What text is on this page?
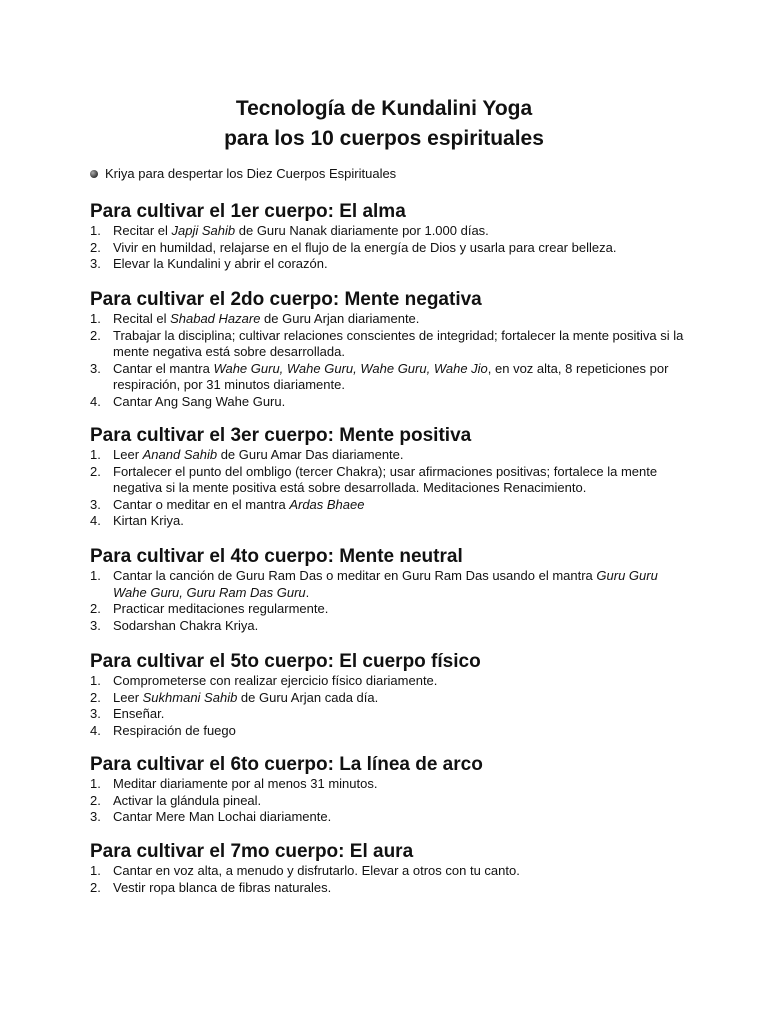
Tecnología de Kundalini Yoga
para los 10 cuerpos espirituales
Kriya para despertar los Diez Cuerpos Espirituales
Para cultivar el 1er cuerpo: El alma
1. Recitar el Japji Sahib de Guru Nanak diariamente por 1.000 días.
2. Vivir en humildad, relajarse en el flujo de la energía de Dios y usarla para crear belleza.
3. Elevar la Kundalini y abrir el corazón.
Para cultivar el 2do cuerpo: Mente negativa
1. Recital el Shabad Hazare de Guru Arjan diariamente.
2. Trabajar la disciplina; cultivar relaciones conscientes de integridad; fortalecer la mente positiva si la mente negativa está sobre desarrollada.
3. Cantar el mantra Wahe Guru, Wahe Guru, Wahe Guru, Wahe Jio, en voz alta, 8 repeticiones por respiración, por 31 minutos diariamente.
4. Cantar Ang Sang Wahe Guru.
Para cultivar el 3er cuerpo: Mente positiva
1. Leer Anand Sahib de Guru Amar Das diariamente.
2. Fortalecer el punto del ombligo (tercer Chakra); usar afirmaciones positivas; fortalece la mente negativa si la mente positiva está sobre desarrollada. Meditaciones Renacimiento.
3. Cantar o meditar en el mantra Ardas Bhaee
4. Kirtan Kriya.
Para cultivar el 4to cuerpo: Mente neutral
1. Cantar la canción de Guru Ram Das o meditar en Guru Ram Das usando el mantra Guru Guru Wahe Guru, Guru Ram Das Guru.
2. Practicar meditaciones regularmente.
3. Sodarshan Chakra Kriya.
Para cultivar el 5to cuerpo: El cuerpo físico
1. Comprometerse con realizar ejercicio físico diariamente.
2. Leer Sukhmani Sahib de Guru Arjan cada día.
3. Enseñar.
4. Respiración de fuego
Para cultivar el 6to cuerpo: La línea de arco
1. Meditar diariamente por al menos 31 minutos.
2. Activar la glándula pineal.
3. Cantar Mere Man Lochai diariamente.
Para cultivar el 7mo cuerpo: El aura
1. Cantar en voz alta, a menudo y disfrutarlo. Elevar a otros con tu canto.
2. Vestir ropa blanca de fibras naturales.
